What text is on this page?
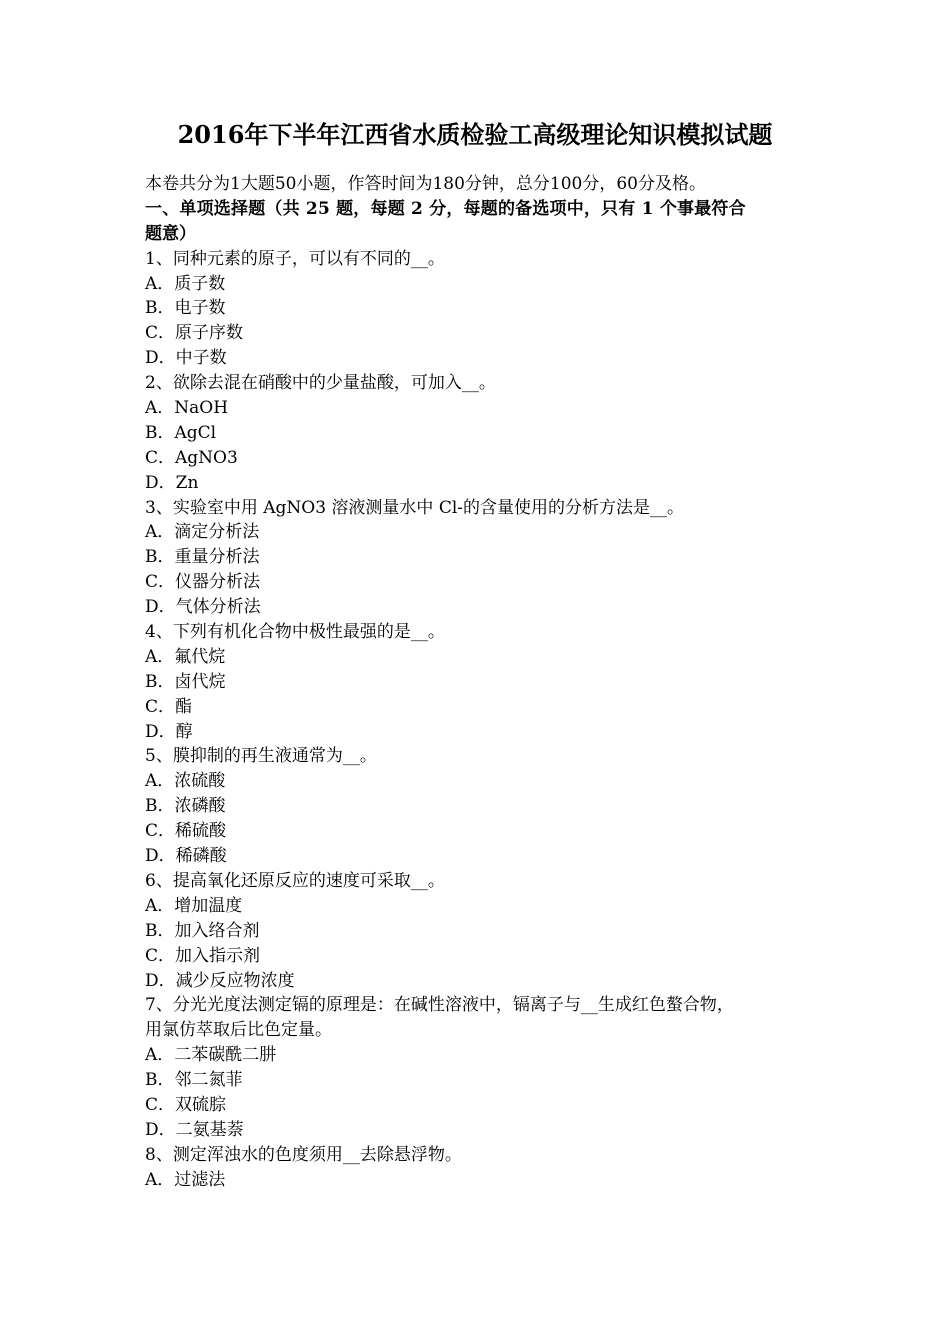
2016年下半年江西省水质检验工高级理论知识模拟试题
本卷共分为1大题50小题，作答时间为180分钟，总分100分，60分及格。
一、单项选择题（共 25 题，每题 2 分，每题的备选项中，只有 1 个事最符合
题意）
1、同种元素的原子，可以有不同的__。
A．质子数
B．电子数
C．原子序数
D．中子数
2、欲除去混在硝酸中的少量盐酸，可加入__。
A．NaOH
B．AgCl
C．AgNO3
D．Zn
3、实验室中用 AgNO3 溶液测量水中 Cl-的含量使用的分析方法是__。
A．滴定分析法
B．重量分析法
C．仪器分析法
D．气体分析法
4、下列有机化合物中极性最强的是__。
A．氟代烷
B．卤代烷
C．酯
D．醇
5、膜抑制的再生液通常为__。
A．浓硫酸
B．浓磷酸
C．稀硫酸
D．稀磷酸
6、提高氧化还原反应的速度可采取__。
A．增加温度
B．加入络合剂
C．加入指示剂
D．减少反应物浓度
7、分光光度法测定镉的原理是：在碱性溶液中，镉离子与__生成红色螯合物，
用氯仿萃取后比色定量。
A．二苯碳酰二肼
B．邻二氮菲
C．双硫腙
D．二氨基萘
8、测定浑浊水的色度须用__去除悬浮物。
A．过滤法
